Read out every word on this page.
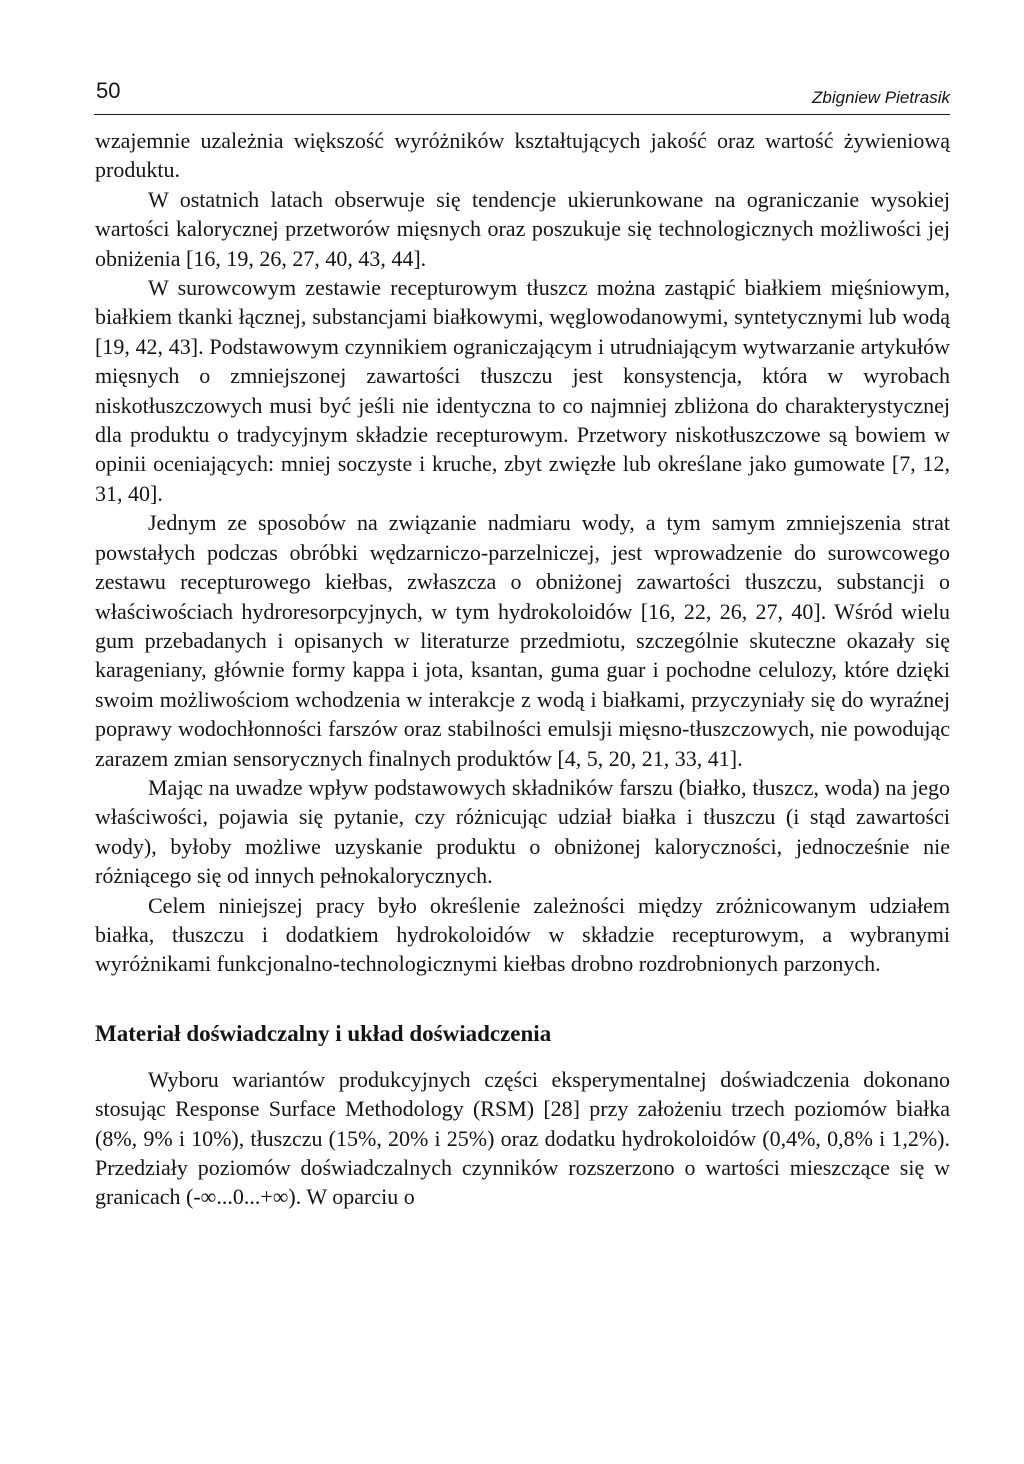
50	Zbigniew Pietrasik

wzajemnie uzależnia większość wyróżników kształtujących jakość oraz wartość żywieniową produktu.

W ostatnich latach obserwuje się tendencje ukierunkowane na ograniczanie wysokiej wartości kalorycznej przetworów mięsnych oraz poszukuje się technologicznych możliwości jej obniżenia [16, 19, 26, 27, 40, 43, 44].

W surowcowym zestawie recepturowym tłuszcz można zastąpić białkiem mięśniowym, białkiem tkanki łącznej, substancjami białkowymi, węglowodanowymi, syntetycznymi lub wodą [19, 42, 43]. Podstawowym czynnikiem ograniczającym i utrudniającym wytwarzanie artykułów mięsnych o zmniejszonej zawartości tłuszczu jest konsystencja, która w wyrobach niskotłuszczowych musi być jeśli nie identyczna to co najmniej zbliżona do charakterystycznej dla produktu o tradycyjnym składzie recepturowym. Przetwory niskotłuszczowe są bowiem w opinii oceniających: mniej soczyste i kruche, zbyt zwięzłe lub określane jako gumowate [7, 12, 31, 40].

Jednym ze sposobów na związanie nadmiaru wody, a tym samym zmniejszenia strat powstałych podczas obróbki wędzarniczo-parzelniczej, jest wprowadzenie do surowcowego zestawu recepturowego kiełbas, zwłaszcza o obniżonej zawartości tłuszczu, substancji o właściwościach hydroresorpcyjnych, w tym hydrokoloidów [16, 22, 26, 27, 40]. Wśród wielu gum przebadanych i opisanych w literaturze przedmiotu, szczególnie skuteczne okazały się karageniany, głównie formy kappa i jota, ksantan, guma guar i pochodne celulozy, które dzięki swoim możliwościom wchodzenia w interakcje z wodą i białkami, przyczyniały się do wyraźnej poprawy wodochłonności farszów oraz stabilności emulsji mięsno-tłuszczowych, nie powodując zarazem zmian sensorycznych finalnych produktów [4, 5, 20, 21, 33, 41].

Mając na uwadze wpływ podstawowych składników farszu (białko, tłuszcz, woda) na jego właściwości, pojawia się pytanie, czy różnicując udział białka i tłuszczu (i stąd zawartości wody), byłoby możliwe uzyskanie produktu o obniżonej kaloryczności, jednocześnie nie różniącego się od innych pełnokalorycznych.

Celem niniejszej pracy było określenie zależności między zróżnicowanym udziałem białka, tłuszczu i dodatkiem hydrokoloidów w składzie recepturowym, a wybranymi wyróżnikami funkcjonalno-technologicznymi kiełbas drobno rozdrobnionych parzonych.

Materiał doświadczalny i układ doświadczenia

Wyboru wariantów produkcyjnych części eksperymentalnej doświadczenia dokonano stosując Response Surface Methodology (RSM) [28] przy założeniu trzech poziomów białka (8%, 9% i 10%), tłuszczu (15%, 20% i 25%) oraz dodatku hydrokoloidów (0,4%, 0,8% i 1,2%). Przedziały poziomów doświadczalnych czynników rozszerzono o wartości mieszczące się w granicach (-∞...0...+∞). W oparciu o
